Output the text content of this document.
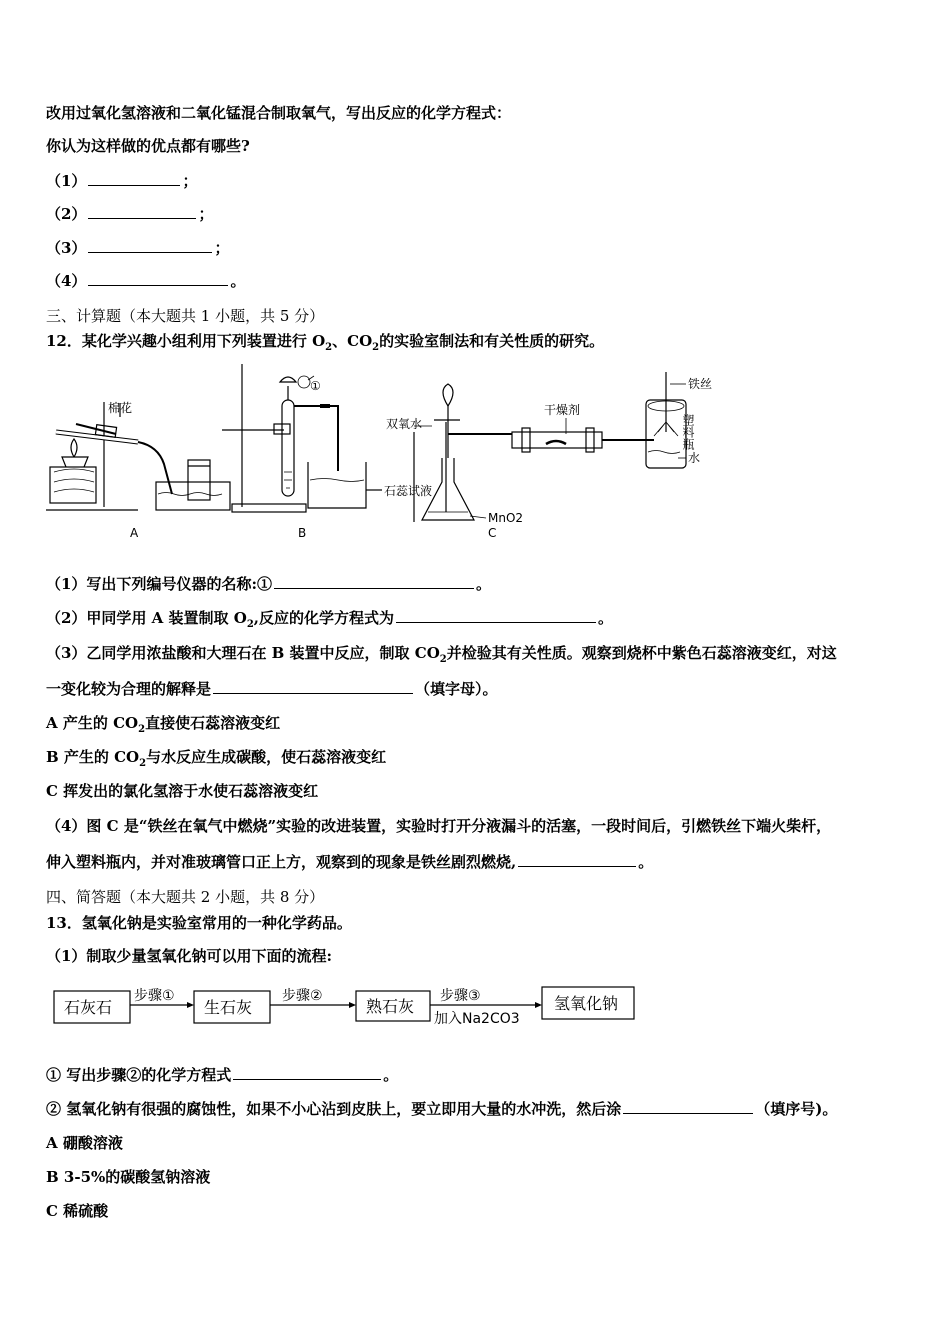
改用过氧化氢溶液和二氧化锰混合制取氧气，写出反应的化学方程式：
你认为这样做的优点都有哪些?
（1）	；
（2）	；
（3）	；
（4）	。
三、计算题（本大题共 1 小题，共 5 分）
12．某化学兴趣小组利用下列装置进行 $O_2$、$CO_2$的实验室制法和有关性质的研究。
棉花
①
石蕊试液
双氧水
干燥剂
MnO2
铁丝
塑料瓶
水
A	B	C
（1）写出下列编号仪器的名称:①	。
（2）甲同学用 A 装置制取 $O_2$,反应的化学方程式为	。
（3）乙同学用浓盐酸和大理石在 B 装置中反应，制取 $CO_2$并检验其有关性质。观察到烧杯中紫色石蕊溶液变红，对这
一变化较为合理的解释是	（填字母）。
A 产生的 $CO_2$直接使石蕊溶液变红
B 产生的 $CO_2$与水反应生成碳酸，使石蕊溶液变红
C 挥发出的氯化氢溶于水使石蕊溶液变红
（4）图 C 是“铁丝在氧气中燃烧”实验的改进装置，实验时打开分液漏斗的活塞，一段时间后，引燃铁丝下端火柴杆，
伸入塑料瓶内，并对准玻璃管口正上方，观察到的现象是铁丝剧烈燃烧,	。
四、简答题（本大题共 2 小题，共 8 分）
13．氢氧化钠是实验室常用的一种化学药品。
（1）制取少量氢氧化钠可以用下面的流程:
石灰石	生石灰	熟石灰	氢氧化钠
步骤①	步骤②	步骤③
加入Na2CO3
① 写出步骤②的化学方程式	。
② 氢氧化钠有很强的腐蚀性，如果不小心沾到皮肤上，要立即用大量的水冲洗，然后涂	（填序号)。
A 硼酸溶液
B 3-5%的碳酸氢钠溶液
C 稀硫酸
